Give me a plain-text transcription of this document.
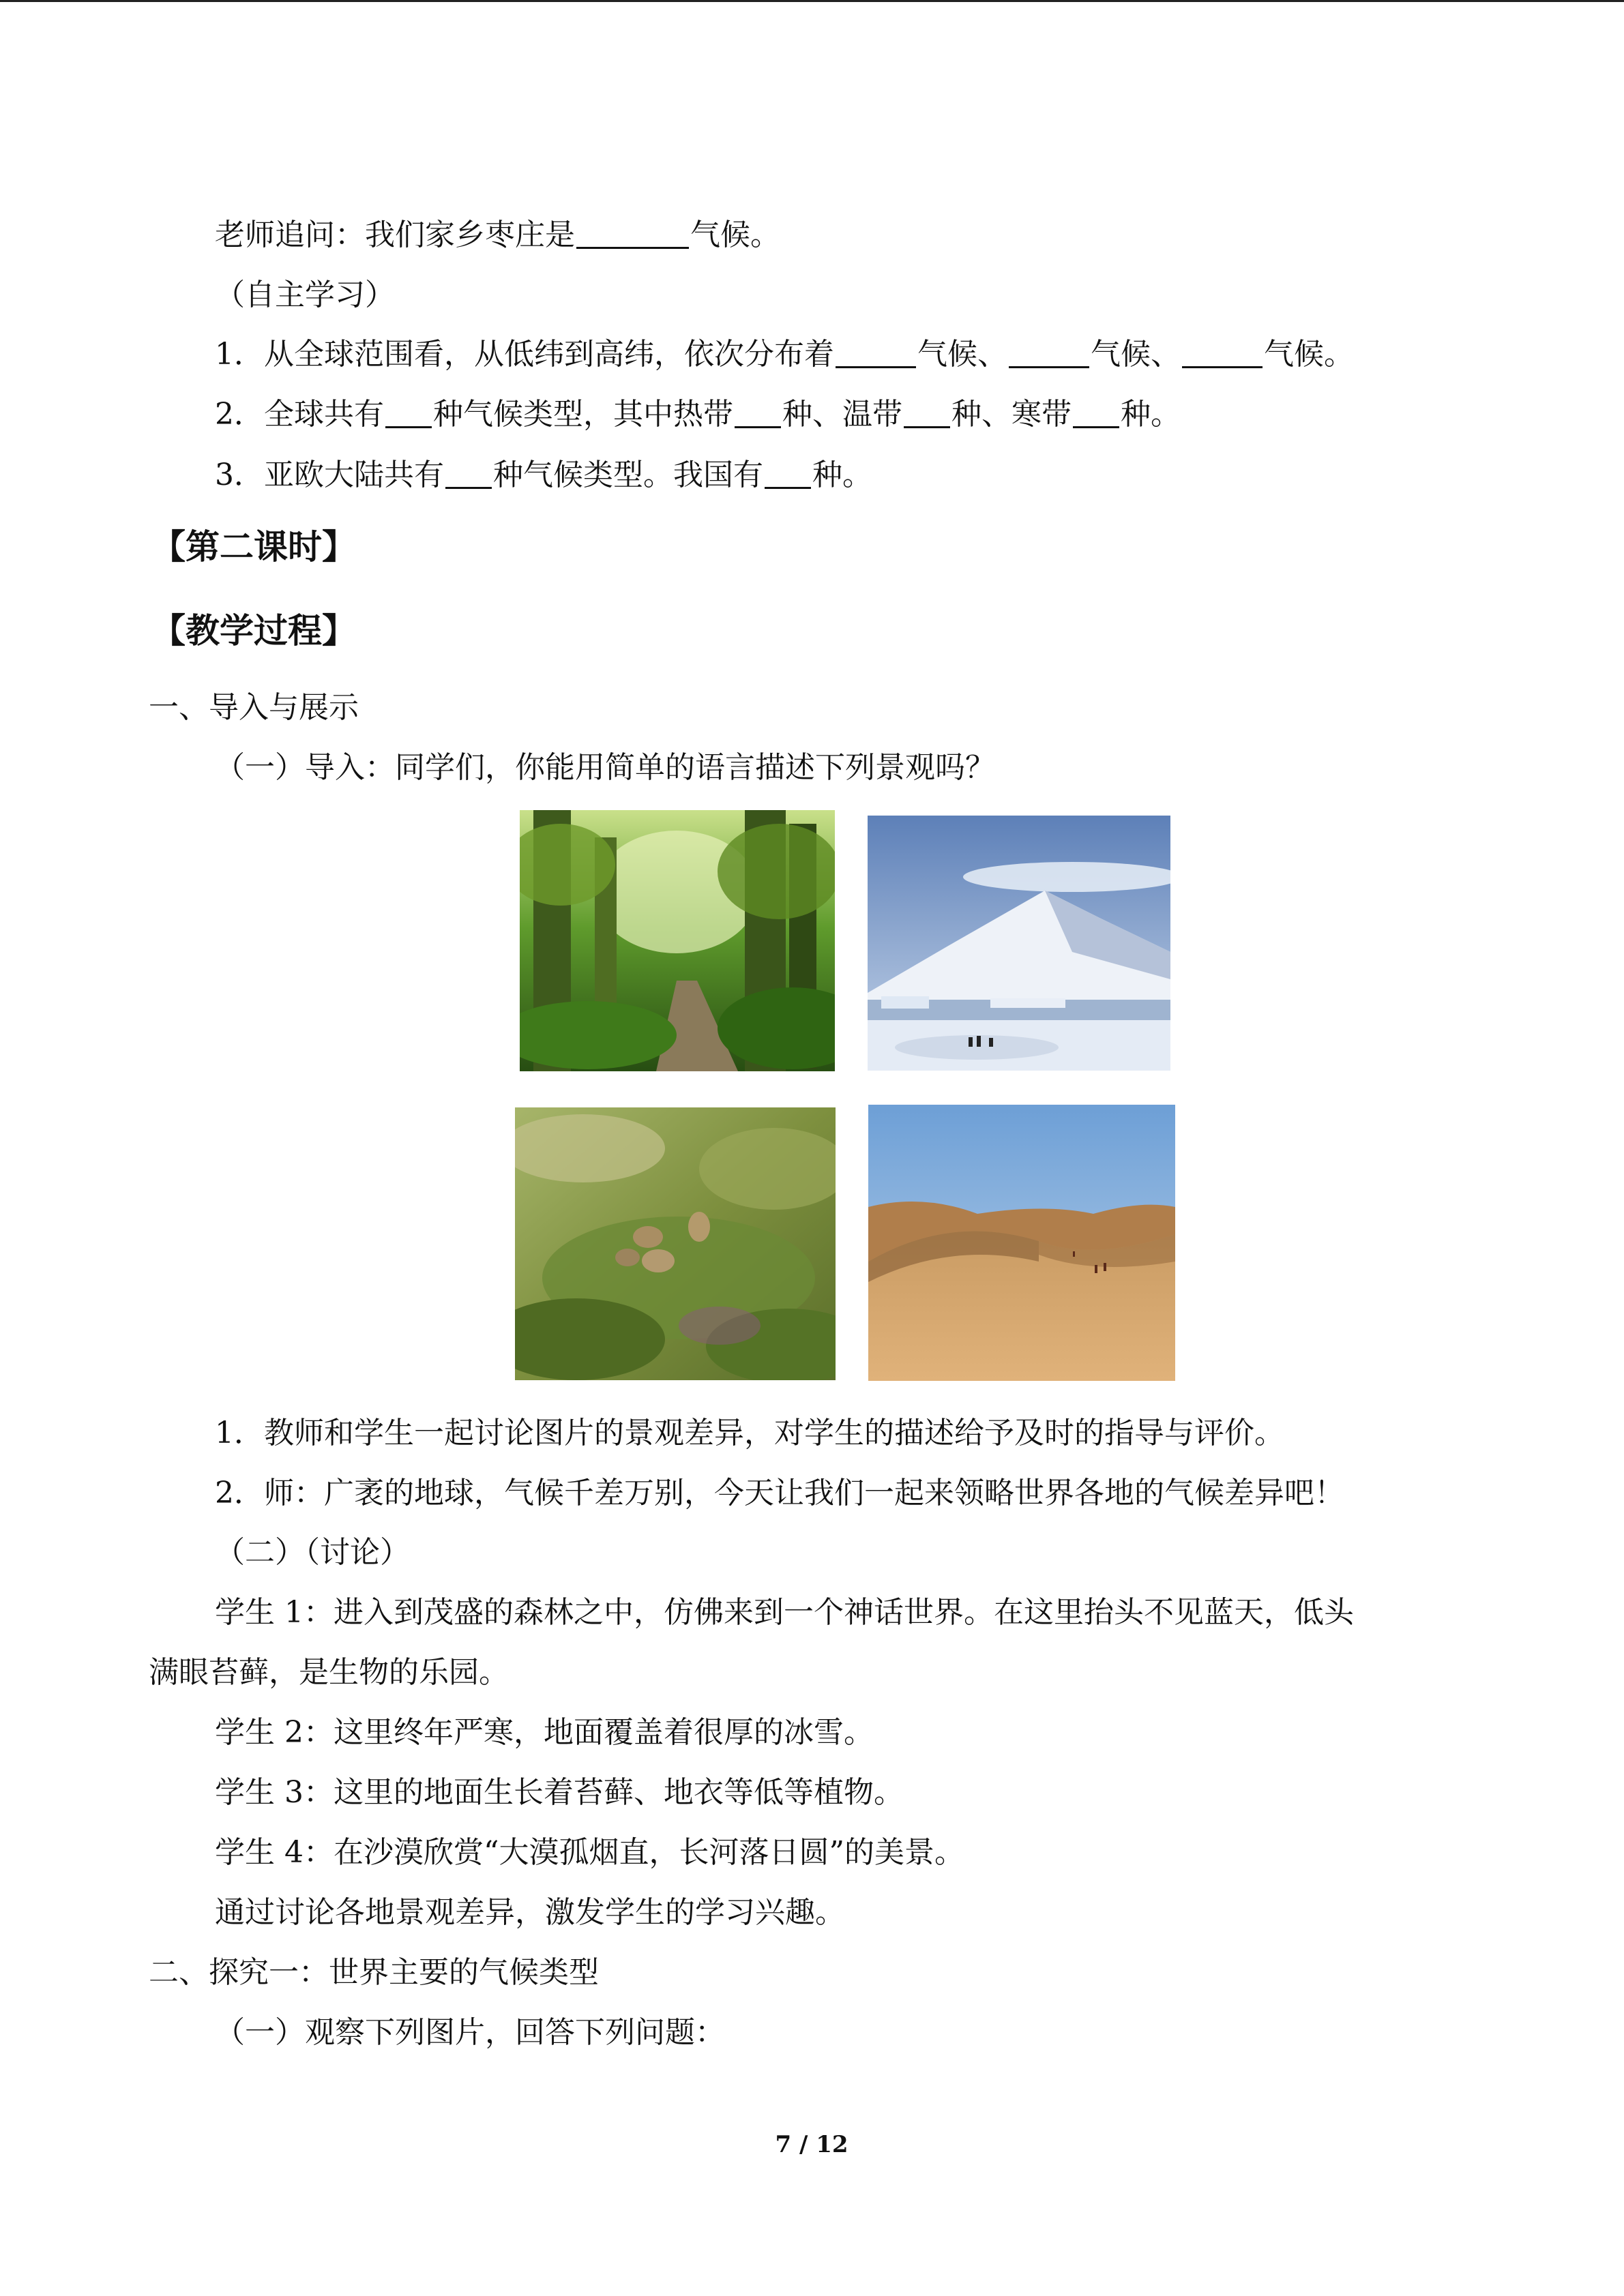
老师追问：我们家乡枣庄是	气候。
（自主学习）
1．从全球范围看，从低纬到高纬，依次分布着	气候、	气候、	气候。
2．全球共有 种气候类型，其中热带 种、温带 种、寒带 种。
3．亚欧大陆共有 种气候类型。我国有 种。
【第二课时】
【教学过程】
一、导入与展示
（一）导入：同学们，你能用简单的语言描述下列景观吗？
1．教师和学生一起讨论图片的景观差异，对学生的描述给予及时的指导与评价。
2．师：广袤的地球，气候千差万别，今天让我们一起来领略世界各地的气候差异吧！
（二）（讨论）
学生 1：进入到茂盛的森林之中，仿佛来到一个神话世界。在这里抬头不见蓝天，低头
满眼苔藓，是生物的乐园。
学生 2：这里终年严寒，地面覆盖着很厚的冰雪。
学生 3：这里的地面生长着苔藓、地衣等低等植物。
学生 4：在沙漠欣赏“大漠孤烟直，长河落日圆”的美景。
通过讨论各地景观差异，激发学生的学习兴趣。
二、探究一：世界主要的气候类型
（一）观察下列图片，回答下列问题：
7 / 12
